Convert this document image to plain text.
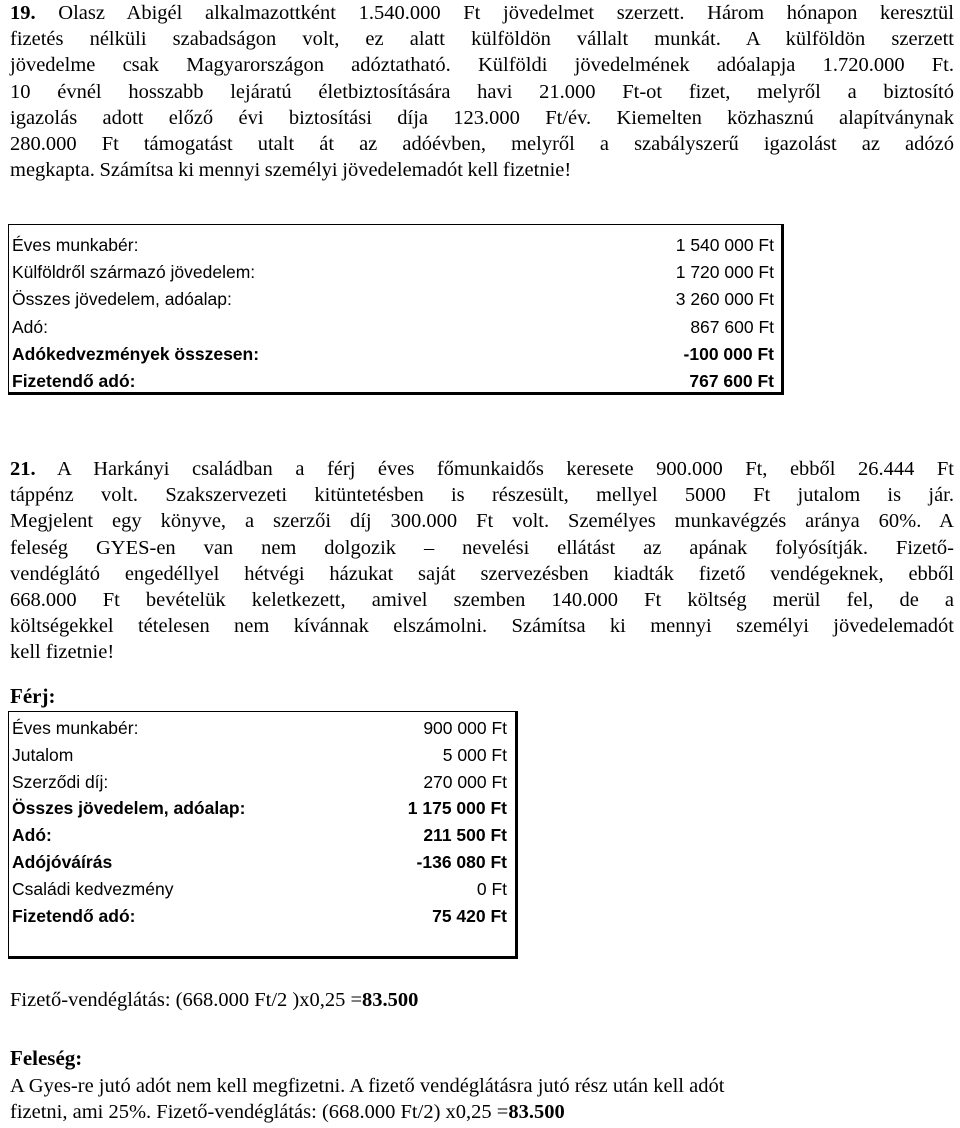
19. Olasz Abigél alkalmazottként 1.540.000 Ft jövedelmet szerzett. Három hónapon keresztül
fizetés nélküli szabadságon volt, ez alatt külföldön vállalt munkát. A külföldön szerzett
jövedelme csak Magyarországon adóztatható. Külföldi jövedelmének adóalapja 1.720.000 Ft.
10 évnél hosszabb lejáratú életbiztosítására havi 21.000 Ft-ot fizet, melyről a biztosító
igazolás adott előző évi biztosítási díja 123.000 Ft/év. Kiemelten közhasznú alapítványnak
280.000 Ft támogatást utalt át az adóévben, melyről a szabályszerű igazolást az adózó
megkapta. Számítsa ki mennyi személyi jövedelemadót kell fizetnie!
Éves munkabér:	1 540 000 Ft
Külföldről származó jövedelem:	1 720 000 Ft
Összes jövedelem, adóalap:	3 260 000 Ft
Adó:	867 600 Ft
Adókedvezmények összesen:	-100 000 Ft
Fizetendő adó:	767 600 Ft
21. A Harkányi családban a férj éves főmunkaidős keresete 900.000 Ft, ebből 26.444 Ft
táppénz volt. Szakszervezeti kitüntetésben is részesült, mellyel 5000 Ft jutalom is jár.
Megjelent egy könyve, a szerzői díj 300.000 Ft volt. Személyes munkavégzés aránya 60%. A
feleség GYES-en van nem dolgozik – nevelési ellátást az apának folyósítják. Fizető-
vendéglátó engedéllyel hétvégi házukat saját szervezésben kiadták fizető vendégeknek, ebből
668.000 Ft bevételük keletkezett, amivel szemben 140.000 Ft költség merül fel, de a
költségekkel tételesen nem kívánnak elszámolni. Számítsa ki mennyi személyi jövedelemadót
kell fizetnie!
Férj:
Éves munkabér:	900 000 Ft
Jutalom	5 000 Ft
Szerződi díj:	270 000 Ft
Összes jövedelem, adóalap:	1 175 000 Ft
Adó:	211 500 Ft
Adójóváírás	-136 080 Ft
Családi kedvezmény	0 Ft
Fizetendő adó:	75 420 Ft
Fizető-vendéglátás: (668.000 Ft/2 )x0,25 =83.500
Feleség:
A Gyes-re jutó adót nem kell megfizetni. A fizető vendéglátásra jutó rész után kell adót
fizetni, ami 25%. Fizető-vendéglátás: (668.000 Ft/2) x0,25 =83.500
